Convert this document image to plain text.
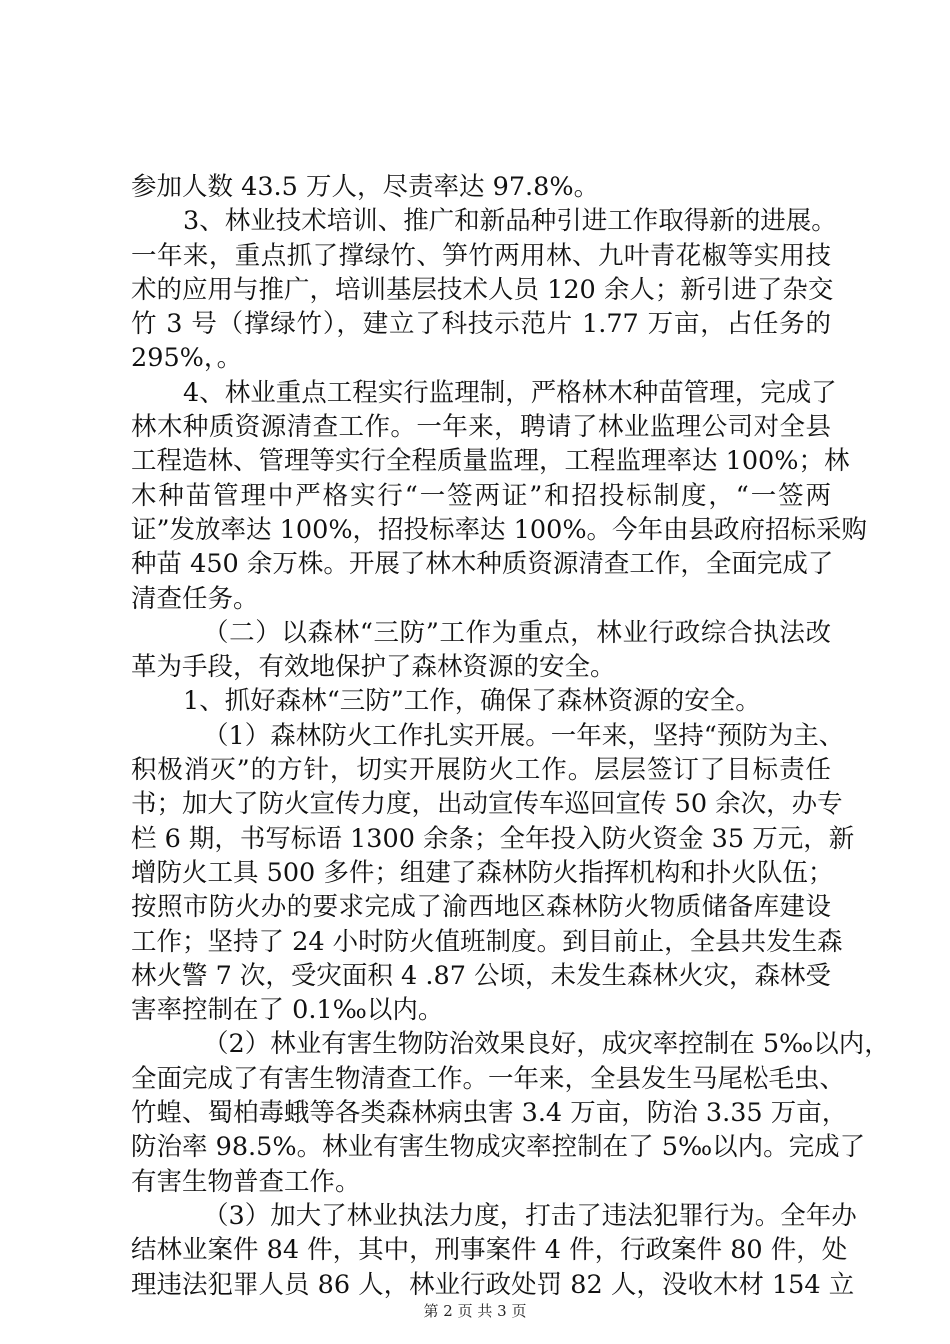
参加人数 43.5 万人，尽责率达 97.8%。
3、林业技术培训、推广和新品种引进工作取得新的进展。
一年来，重点抓了撑绿竹、笋竹两用林、九叶青花椒等实用技
术的应用与推广，培训基层技术人员 120 余人；新引进了杂交
竹 3 号（撑绿竹），建立了科技示范片 1.77 万亩，占任务的
295%，。
4、林业重点工程实行监理制，严格林木种苗管理，完成了
林木种质资源清查工作。一年来，聘请了林业监理公司对全县
工程造林、管理等实行全程质量监理，工程监理率达 100%；林
木种苗管理中严格实行“一签两证”和招投标制度，“一签两
证”发放率达 100%，招投标率达 100%。今年由县政府招标采购
种苗 450 余万株。开展了林木种质资源清查工作，全面完成了
清查任务。
（二）以森林“三防”工作为重点，林业行政综合执法改
革为手段，有效地保护了森林资源的安全。
1、抓好森林“三防”工作，确保了森林资源的安全。
（1）森林防火工作扎实开展。一年来，坚持“预防为主、
积极消灭”的方针，切实开展防火工作。层层签订了目标责任
书；加大了防火宣传力度，出动宣传车巡回宣传 50 余次，办专
栏 6 期，书写标语 1300 余条；全年投入防火资金 35 万元，新
增防火工具 500 多件；组建了森林防火指挥机构和扑火队伍；
按照市防火办的要求完成了渝西地区森林防火物质储备库建设
工作；坚持了 24 小时防火值班制度。到目前止，全县共发生森
林火警 7 次，受灾面积 4 .87 公顷，未发生森林火灾，森林受
害率控制在了 0.1‰以内。
（2）林业有害生物防治效果良好，成灾率控制在 5‰以内，
全面完成了有害生物清查工作。一年来，全县发生马尾松毛虫、
竹蝗、蜀柏毒蛾等各类森林病虫害 3.4 万亩，防治 3.35 万亩，
防治率 98.5%。林业有害生物成灾率控制在了 5‰以内。完成了
有害生物普查工作。
（3）加大了林业执法力度，打击了违法犯罪行为。全年办
结林业案件 84 件，其中，刑事案件 4 件，行政案件 80 件，处
理违法犯罪人员 86 人，林业行政处罚 82 人，没收木材 154 立
第 2 页 共 3 页
